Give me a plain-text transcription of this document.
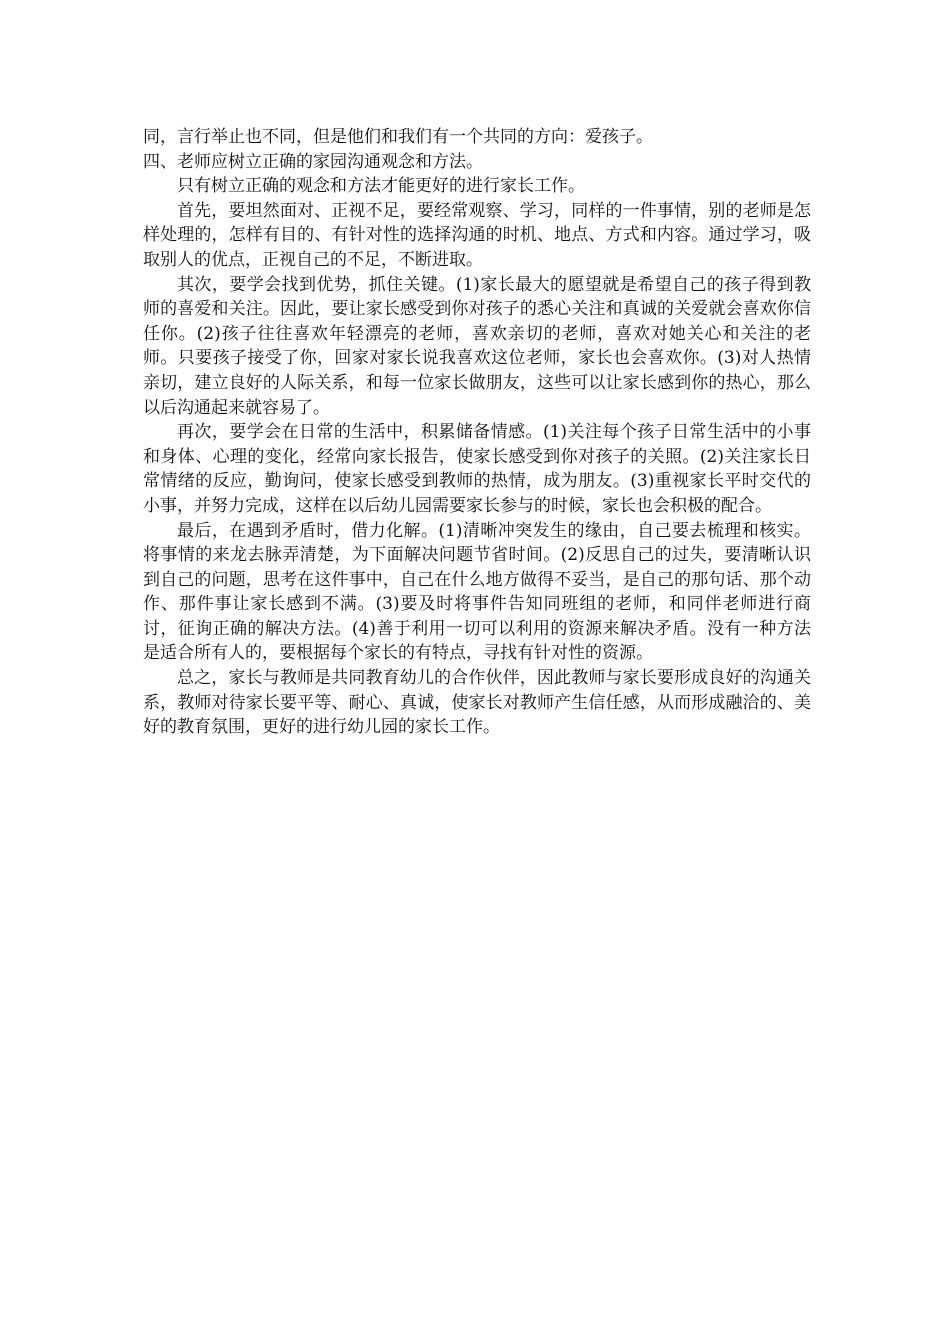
同，言行举止也不同，但是他们和我们有一个共同的方向：爱孩子。

四、老师应树立正确的家园沟通观念和方法。

只有树立正确的观念和方法才能更好的进行家长工作。

首先，要坦然面对、正视不足，要经常观察、学习，同样的一件事情，别的老师是怎样处理的，怎样有目的、有针对性的选择沟通的时机、地点、方式和内容。通过学习，吸取别人的优点，正视自己的不足，不断进取。

其次，要学会找到优势，抓住关键。(1)家长最大的愿望就是希望自己的孩子得到教师的喜爱和关注。因此，要让家长感受到你对孩子的悉心关注和真诚的关爱就会喜欢你信任你。(2)孩子往往喜欢年轻漂亮的老师，喜欢亲切的老师，喜欢对她关心和关注的老师。只要孩子接受了你，回家对家长说我喜欢这位老师，家长也会喜欢你。(3)对人热情亲切，建立良好的人际关系，和每一位家长做朋友，这些可以让家长感到你的热心，那么以后沟通起来就容易了。

再次，要学会在日常的生活中，积累储备情感。(1)关注每个孩子日常生活中的小事和身体、心理的变化，经常向家长报告，使家长感受到你对孩子的关照。(2)关注家长日常情绪的反应，勤询问，使家长感受到教师的热情，成为朋友。(3)重视家长平时交代的小事，并努力完成，这样在以后幼儿园需要家长参与的时候，家长也会积极的配合。

最后，在遇到矛盾时，借力化解。(1)清晰冲突发生的缘由，自己要去梳理和核实。将事情的来龙去脉弄清楚，为下面解决问题节省时间。(2)反思自己的过失，要清晰认识到自己的问题，思考在这件事中，自己在什么地方做得不妥当，是自己的那句话、那个动作、那件事让家长感到不满。(3)要及时将事件告知同班组的老师，和同伴老师进行商讨，征询正确的解决方法。(4)善于利用一切可以利用的资源来解决矛盾。没有一种方法是适合所有人的，要根据每个家长的有特点，寻找有针对性的资源。

总之，家长与教师是共同教育幼儿的合作伙伴，因此教师与家长要形成良好的沟通关系，教师对待家长要平等、耐心、真诚，使家长对教师产生信任感，从而形成融洽的、美好的教育氛围，更好的进行幼儿园的家长工作。
